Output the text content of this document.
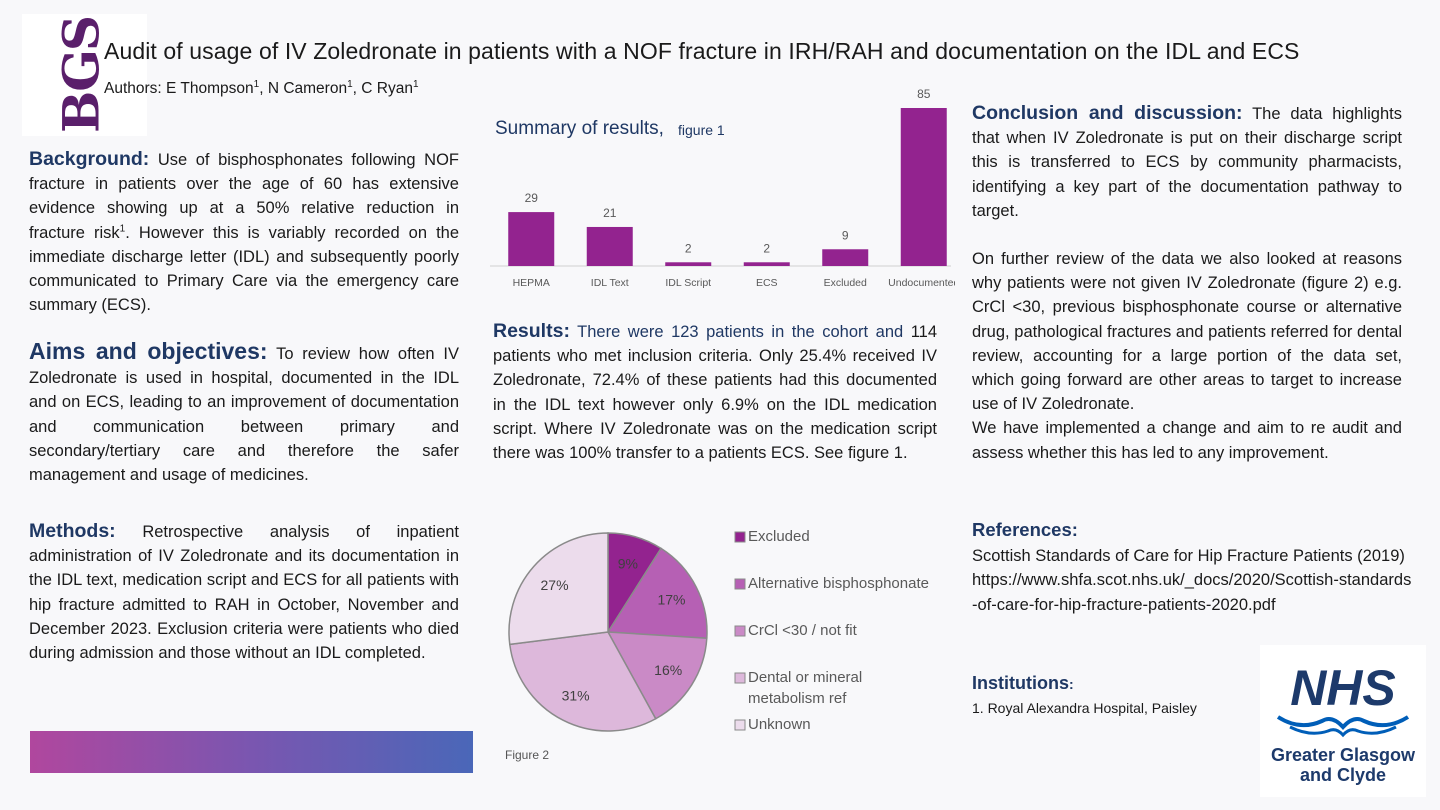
BGS
Audit of usage of IV Zoledronate in patients with a NOF fracture in IRH/RAH and documentation on the IDL and ECS
Authors: E Thompson$^1$, N Cameron$^1$, C Ryan$^1$
Background: Use of bisphosphonates following NOF fracture in patients over the age of 60 has extensive evidence showing up at a 50% relative reduction in fracture risk$^1$. However this is variably recorded on the immediate discharge letter (IDL) and subsequently poorly communicated to Primary Care via the emergency care summary (ECS).
Aims and objectives: To review how often IV Zoledronate is used in hospital, documented in the IDL and on ECS, leading to an improvement of documentation and communication between primary and secondary/tertiary care and therefore the safer management and usage of medicines.
Methods: Retrospective analysis of inpatient administration of IV Zoledronate and its documentation in the IDL text, medication script and ECS for all patients with hip fracture admitted to RAH in October, November and December 2023. Exclusion criteria were patients who died during admission and those without an IDL completed.
Summary of results, figure 1
29
HEPMA
21
IDL Text
2
IDL Script
2
ECS
9
Excluded
85
Undocumented
Results: There were 123 patients in the cohort and 114 patients who met inclusion criteria. Only 25.4% received IV Zoledronate, 72.4% of these patients had this documented in the IDL text however only 6.9% on the IDL medication script. Where IV Zoledronate was on the medication script there was 100% transfer to a patients ECS. See figure 1.
9%
17%
16%
31%
27%
Excluded
Alternative bisphosphonate
CrCl <30 / not fit
Dental or mineral metabolism ref
Unknown
Figure 2

Conclusion and discussion: The data highlights that when IV Zoledronate is put on their discharge script this is transferred to ECS by community pharmacists, identifying a key part of the documentation pathway to target.

On further review of the data we also looked at reasons why patients were not given IV Zoledronate (figure 2) e.g. CrCl <30, previous bisphosphonate course or alternative drug, pathological fractures and patients referred for dental review, accounting for a large portion of the data set, which going forward are other areas to target to increase use of IV Zoledronate.

We have implemented a change and aim to re audit and assess whether this has led to any improvement.

References:
Scottish Standards of Care for Hip Fracture Patients (2019)
https://www.shfa.scot.nhs.uk/_docs/2020/Scottish-standards-of-care-for-hip-fracture-patients-2020.pdf
Institutions:
1. Royal Alexandra Hospital, Paisley	NHS
Greater Glasgow
and Clyde
